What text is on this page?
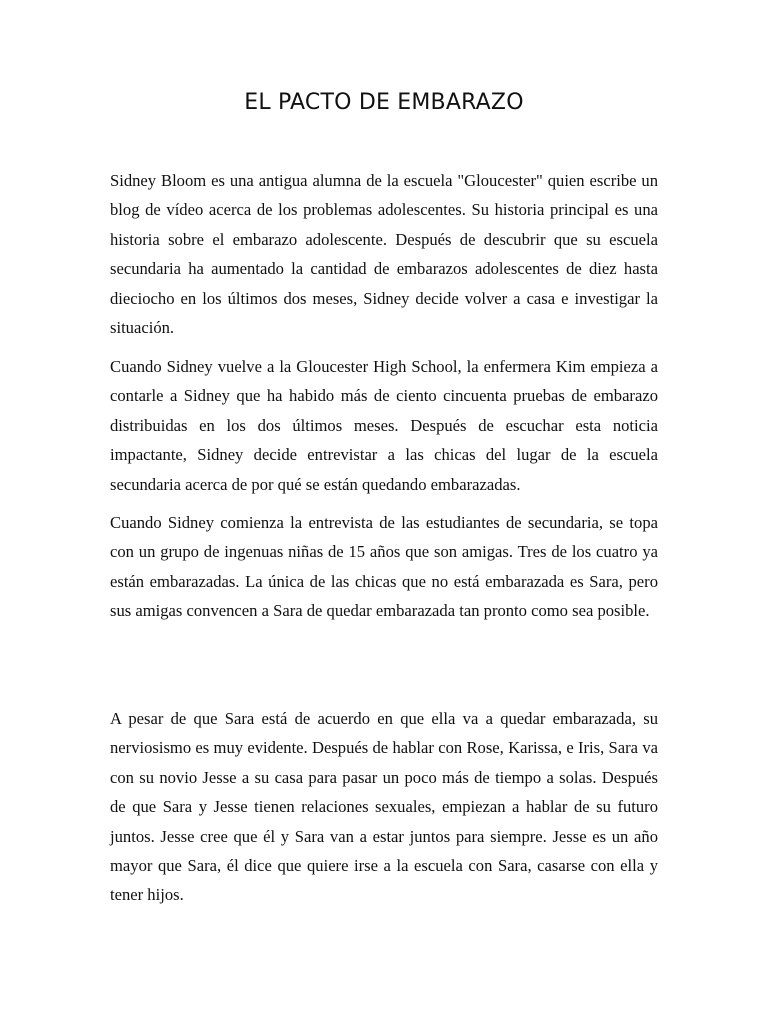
EL PACTO DE EMBARAZO

Sidney Bloom es una antigua alumna de la escuela "Gloucester" quien escribe un blog de vídeo acerca de los problemas adolescentes. Su historia principal es una historia sobre el embarazo adolescente. Después de descubrir que su escuela secundaria ha aumentado la cantidad de embarazos adolescentes de diez hasta dieciocho en los últimos dos meses, Sidney decide volver a casa e investigar la situación.

Cuando Sidney vuelve a la Gloucester High School, la enfermera Kim empieza a contarle a Sidney que ha habido más de ciento cincuenta pruebas de embarazo distribuidas en los dos últimos meses. Después de escuchar esta noticia impactante, Sidney decide entrevistar a las chicas del lugar de la escuela secundaria acerca de por qué se están quedando embarazadas.

Cuando Sidney comienza la entrevista de las estudiantes de secundaria, se topa con un grupo de ingenuas niñas de 15 años que son amigas. Tres de los cuatro ya están embarazadas. La única de las chicas que no está embarazada es Sara, pero sus amigas convencen a Sara de quedar embarazada tan pronto como sea posible.

A pesar de que Sara está de acuerdo en que ella va a quedar embarazada, su nerviosismo es muy evidente. Después de hablar con Rose, Karissa, e Iris, Sara va con su novio Jesse a su casa para pasar un poco más de tiempo a solas. Después de que Sara y Jesse tienen relaciones sexuales, empiezan a hablar de su futuro juntos. Jesse cree que él y Sara van a estar juntos para siempre. Jesse es un año mayor que Sara, él dice que quiere irse a la escuela con Sara, casarse con ella y tener hijos.
